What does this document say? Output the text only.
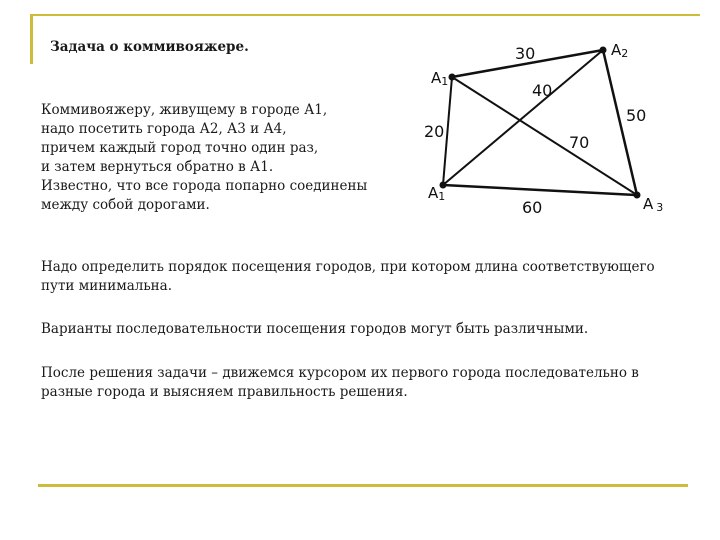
Задача о коммивояжере.
Коммивояжеру, живущему в городе А1,
надо посетить города А2, А3 и А4,
причем каждый город точно один раз,
и затем вернуться обратно в А1.
Известно, что все города попарно соединены
между собой дорогами.
A1
A2
A 3
A1
30
40
50
20
70
60
Надо определить порядок посещения городов, при котором длина соответствующего пути минимальна.
Варианты последовательности посещения городов могут быть различными.
После решения задачи – движемся курсором их первого города последовательно в разные города и выясняем правильность решения.
